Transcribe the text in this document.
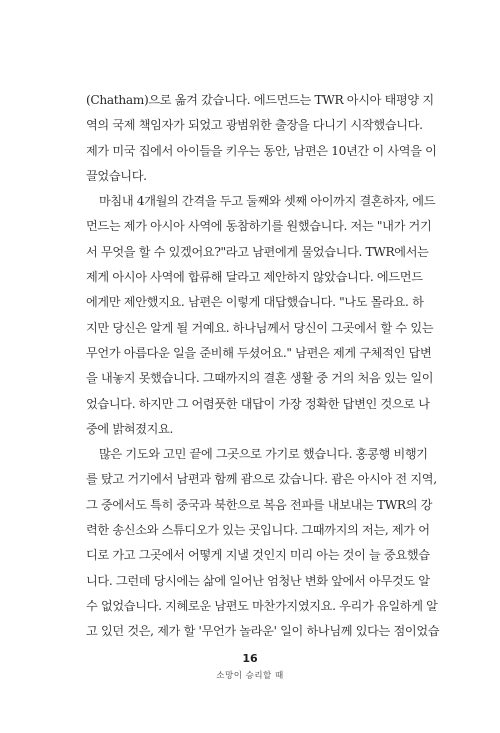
(Chatham)으로 옮겨 갔습니다. 에드먼드는 TWR 아시아 태평양 지
역의 국제 책임자가 되었고 광범위한 출장을 다니기 시작했습니다.
제가 미국 집에서 아이들을 키우는 동안, 남편은 10년간 이 사역을 이
끌었습니다.
마침내 4개월의 간격을 두고 둘째와 셋째 아이까지 결혼하자, 에드
먼드는 제가 아시아 사역에 동참하기를 원했습니다. 저는 "내가 거기
서 무엇을 할 수 있겠어요?"라고 남편에게 물었습니다. TWR에서는
제게 아시아 사역에 합류해 달라고 제안하지 않았습니다. 에드먼드
에게만 제안했지요. 남편은 이렇게 대답했습니다. "나도 몰라요. 하
지만 당신은 알게 될 거예요. 하나님께서 당신이 그곳에서 할 수 있는
무언가 아름다운 일을 준비해 두셨어요." 남편은 제게 구체적인 답변
을 내놓지 못했습니다. 그때까지의 결혼 생활 중 거의 처음 있는 일이
었습니다. 하지만 그 어렴풋한 대답이 가장 정확한 답변인 것으로 나
중에 밝혀졌지요.
많은 기도와 고민 끝에 그곳으로 가기로 했습니다. 홍콩행 비행기
를 탔고 거기에서 남편과 함께 괌으로 갔습니다. 괌은 아시아 전 지역,
그 중에서도 특히 중국과 북한으로 복음 전파를 내보내는 TWR의 강
력한 송신소와 스튜디오가 있는 곳입니다. 그때까지의 저는, 제가 어
디로 가고 그곳에서 어떻게 지낼 것인지 미리 아는 것이 늘 중요했습
니다. 그런데 당시에는 삶에 일어난 엄청난 변화 앞에서 아무것도 알
수 없었습니다. 지혜로운 남편도 마찬가지였지요. 우리가 유일하게 알
고 있던 것은, 제가 할 '무언가 놀라운' 일이 하나님께 있다는 점이었습
16
소망이 승리할 때
